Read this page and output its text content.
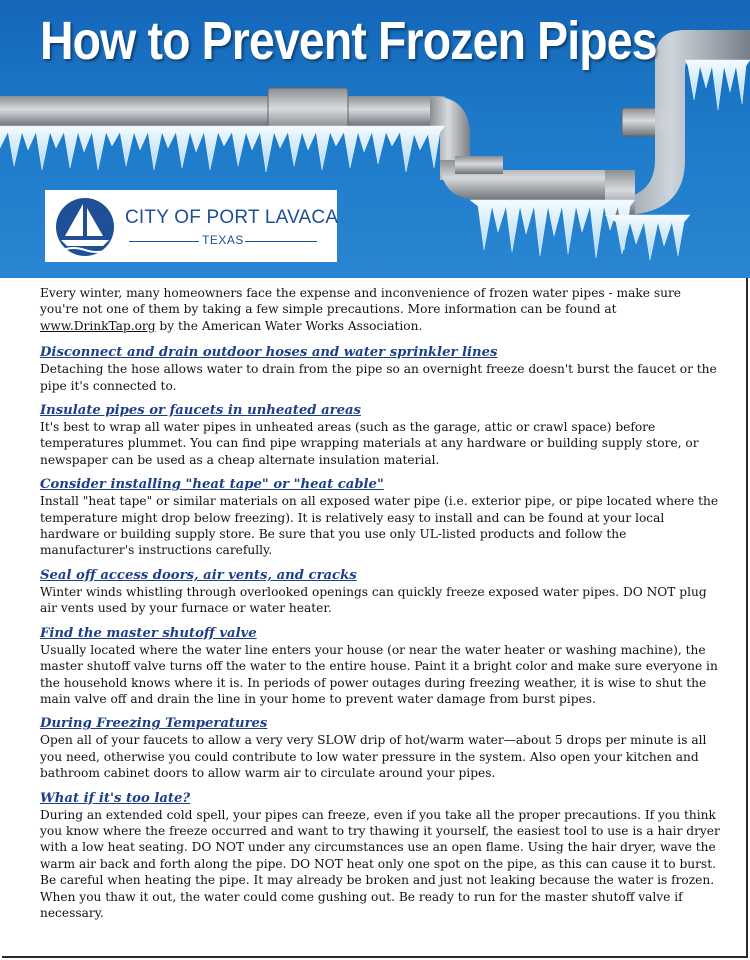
How to Prevent Frozen Pipes
CITY OF PORT LAVACA
TEXAS

Every winter, many homeowners face the expense and inconvenience of frozen water pipes - make sure you're not one of them by taking a few simple precautions. More information can be found at www.DrinkTap.org by the American Water Works Association.

Disconnect and drain outdoor hoses and water sprinkler lines

Detaching the hose allows water to drain from the pipe so an overnight freeze doesn't burst the faucet or the pipe it's connected to.

Insulate pipes or faucets in unheated areas

It's best to wrap all water pipes in unheated areas (such as the garage, attic or crawl space) before temperatures plummet. You can find pipe wrapping materials at any hardware or building supply store, or newspaper can be used as a cheap alternate insulation material.

Consider installing "heat tape" or "heat cable"

Install "heat tape" or similar materials on all exposed water pipe (i.e. exterior pipe, or pipe located where the temperature might drop below freezing). It is relatively easy to install and can be found at your local hardware or building supply store. Be sure that you use only UL-listed products and follow the manufacturer's instructions carefully.

Seal off access doors, air vents, and cracks

Winter winds whistling through overlooked openings can quickly freeze exposed water pipes. DO NOT plug air vents used by your furnace or water heater.

Find the master shutoff valve

Usually located where the water line enters your house (or near the water heater or washing machine), the master shutoff valve turns off the water to the entire house. Paint it a bright color and make sure everyone in the household knows where it is. In periods of power outages during freezing weather, it is wise to shut the main valve off and drain the line in your home to prevent water damage from burst pipes.

During Freezing Temperatures

Open all of your faucets to allow a very very SLOW drip of hot/warm water—about 5 drops per minute is all you need, otherwise you could contribute to low water pressure in the system. Also open your kitchen and bathroom cabinet doors to allow warm air to circulate around your pipes.

What if it's too late?

During an extended cold spell, your pipes can freeze, even if you take all the proper precautions. If you think you know where the freeze occurred and want to try thawing it yourself, the easiest tool to use is a hair dryer with a low heat seating. DO NOT under any circumstances use an open flame. Using the hair dryer, wave the warm air back and forth along the pipe. DO NOT heat only one spot on the pipe, as this can cause it to burst. Be careful when heating the pipe. It may already be broken and just not leaking because the water is frozen. When you thaw it out, the water could come gushing out. Be ready to run for the master shutoff valve if necessary.
